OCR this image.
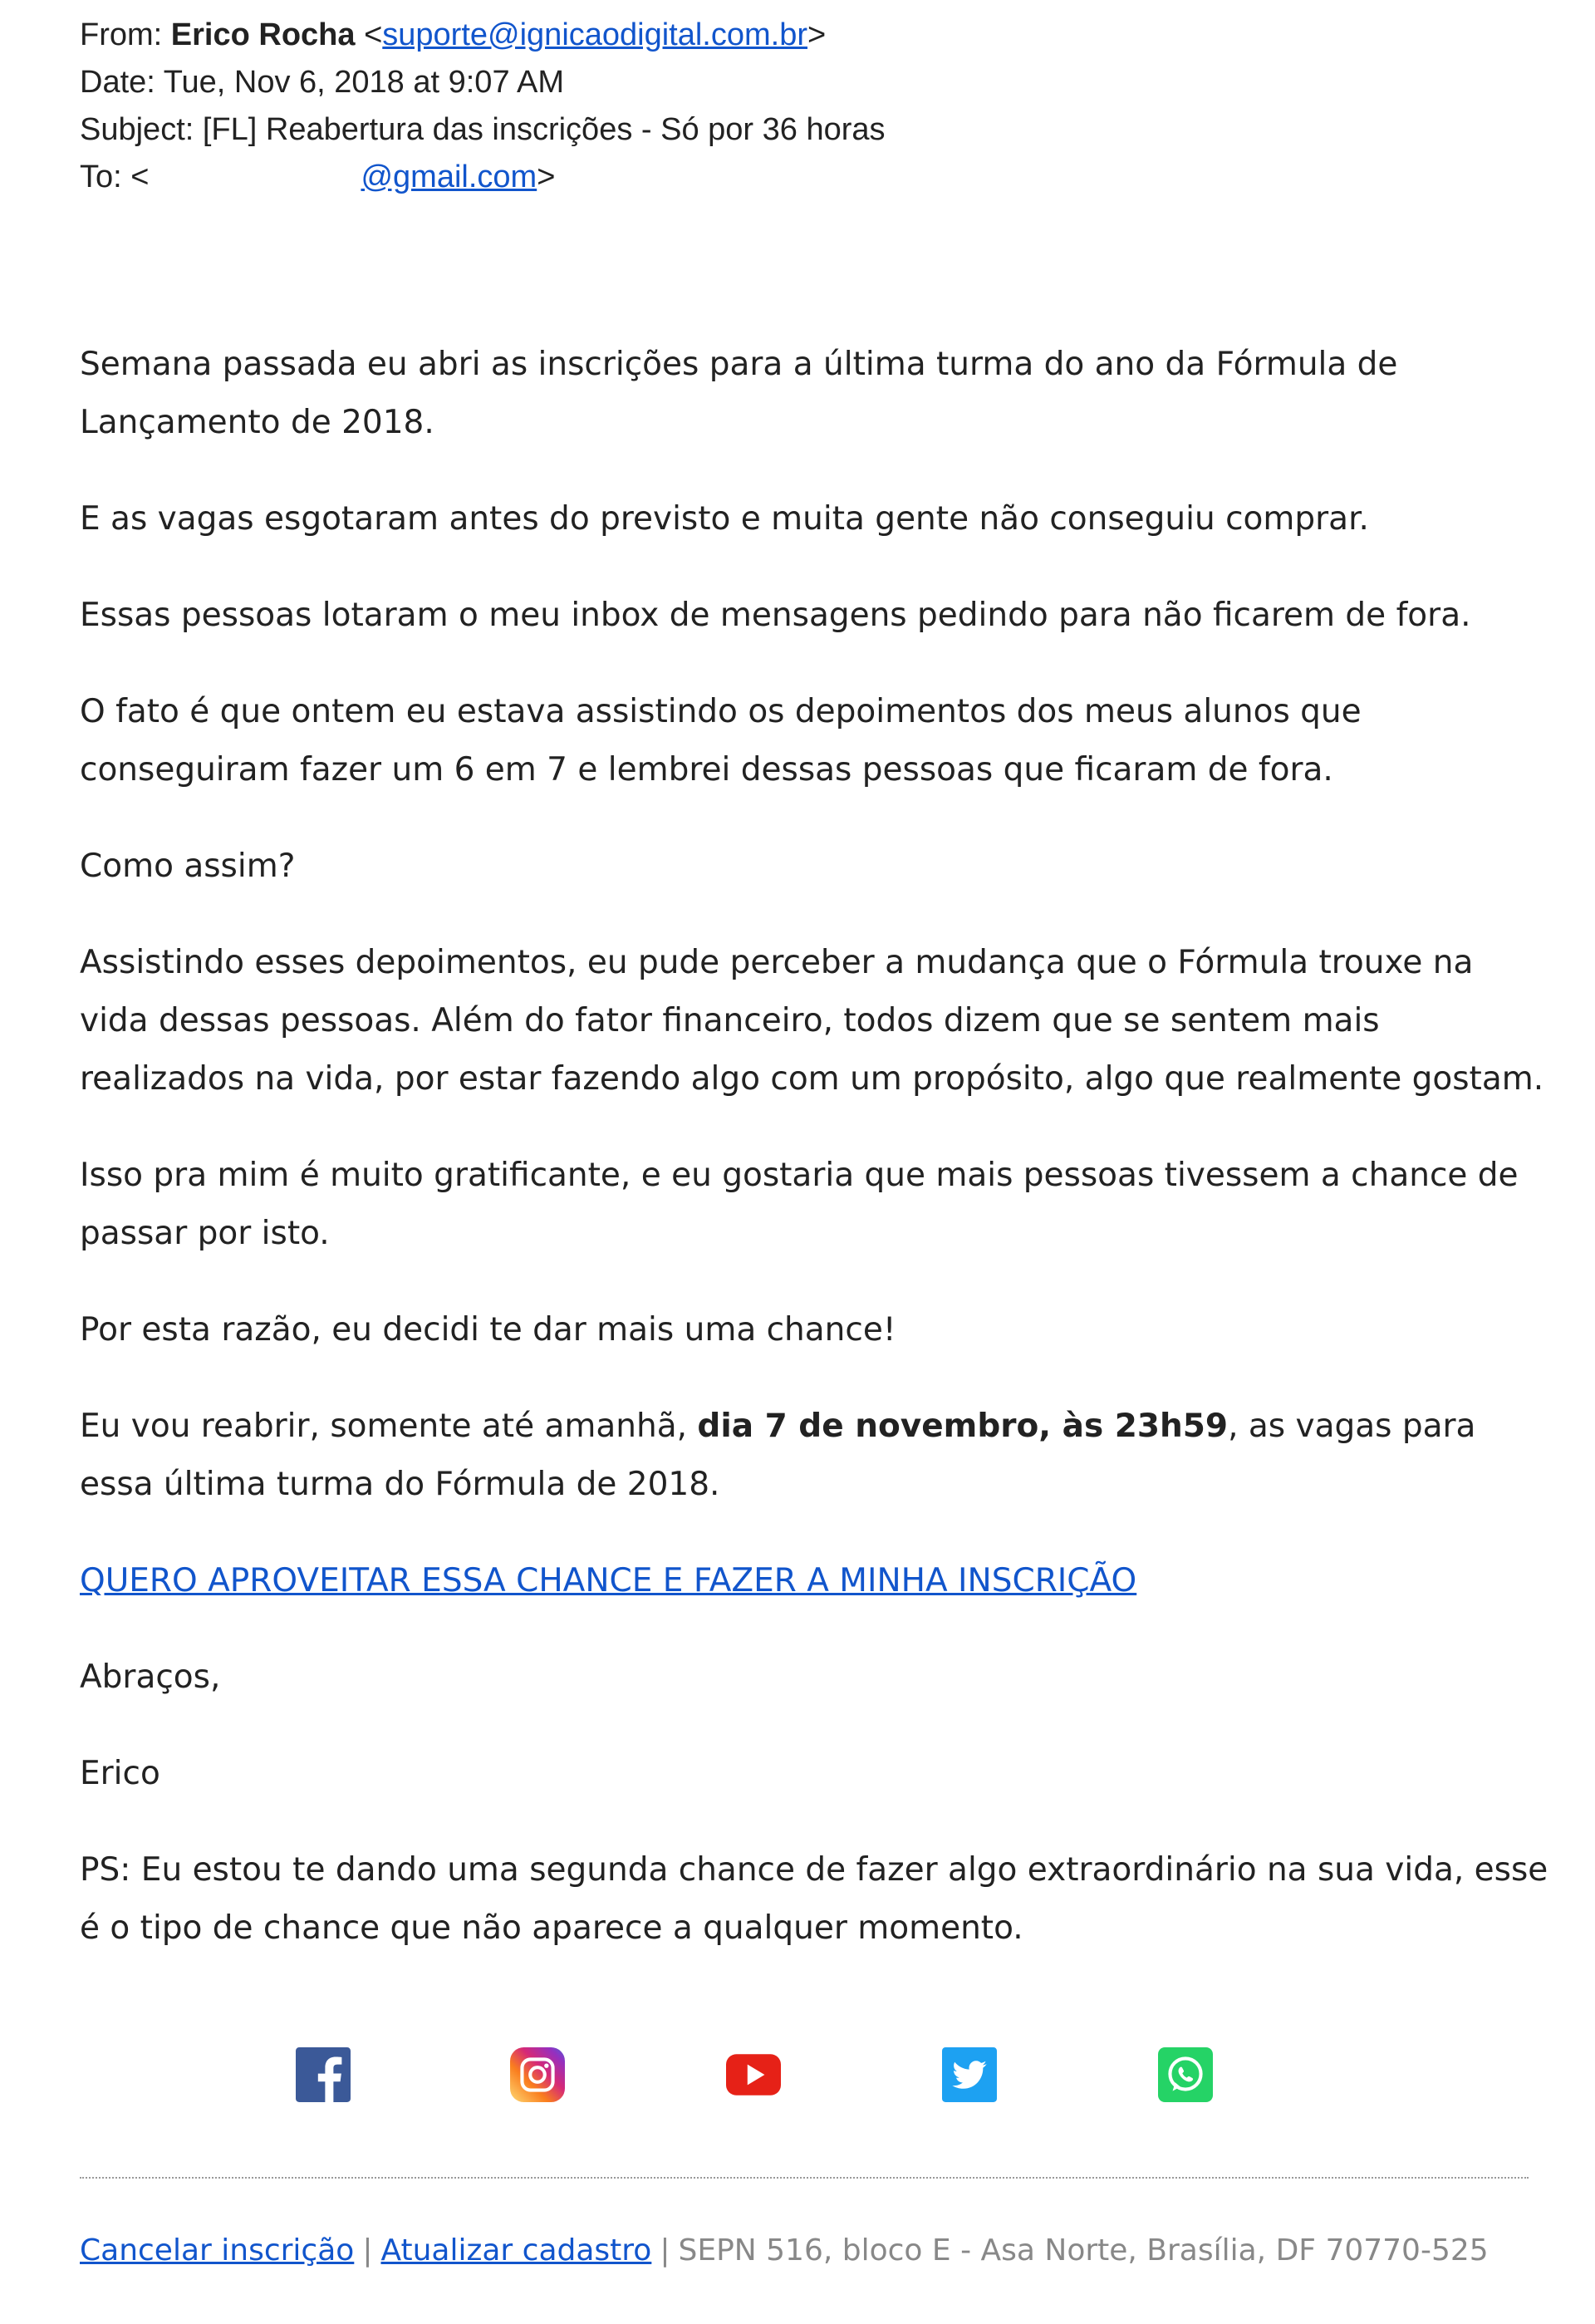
From: Erico Rocha <suporte@ignicaodigital.com.br>
Date: Tue, Nov 6, 2018 at 9:07 AM
Subject: [FL] Reabertura das inscrições - Só por 36 horas
To: <	@gmail.com>

Semana passada eu abri as inscrições para a última turma do ano da Fórmula de Lançamento de 2018.

E as vagas esgotaram antes do previsto e muita gente não conseguiu comprar.

Essas pessoas lotaram o meu inbox de mensagens pedindo para não ficarem de fora.

O fato é que ontem eu estava assistindo os depoimentos dos meus alunos que conseguiram fazer um 6 em 7 e lembrei dessas pessoas que ficaram de fora.

Como assim?

Assistindo esses depoimentos, eu pude perceber a mudança que o Fórmula trouxe na vida dessas pessoas. Além do fator financeiro, todos dizem que se sentem mais realizados na vida, por estar fazendo algo com um propósito, algo que realmente gostam.

Isso pra mim é muito gratificante, e eu gostaria que mais pessoas tivessem a chance de passar por isto.

Por esta razão, eu decidi te dar mais uma chance!

Eu vou reabrir, somente até amanhã, dia 7 de novembro, às 23h59, as vagas para essa última turma do Fórmula de 2018.

QUERO APROVEITAR ESSA CHANCE E FAZER A MINHA INSCRIÇÃO

Abraços,

Erico

PS: Eu estou te dando uma segunda chance de fazer algo extraordinário na sua vida, esse é o tipo de chance que não aparece a qualquer momento.

Cancelar inscrição | Atualizar cadastro | SEPN 516, bloco E - Asa Norte, Brasília, DF 70770-525
